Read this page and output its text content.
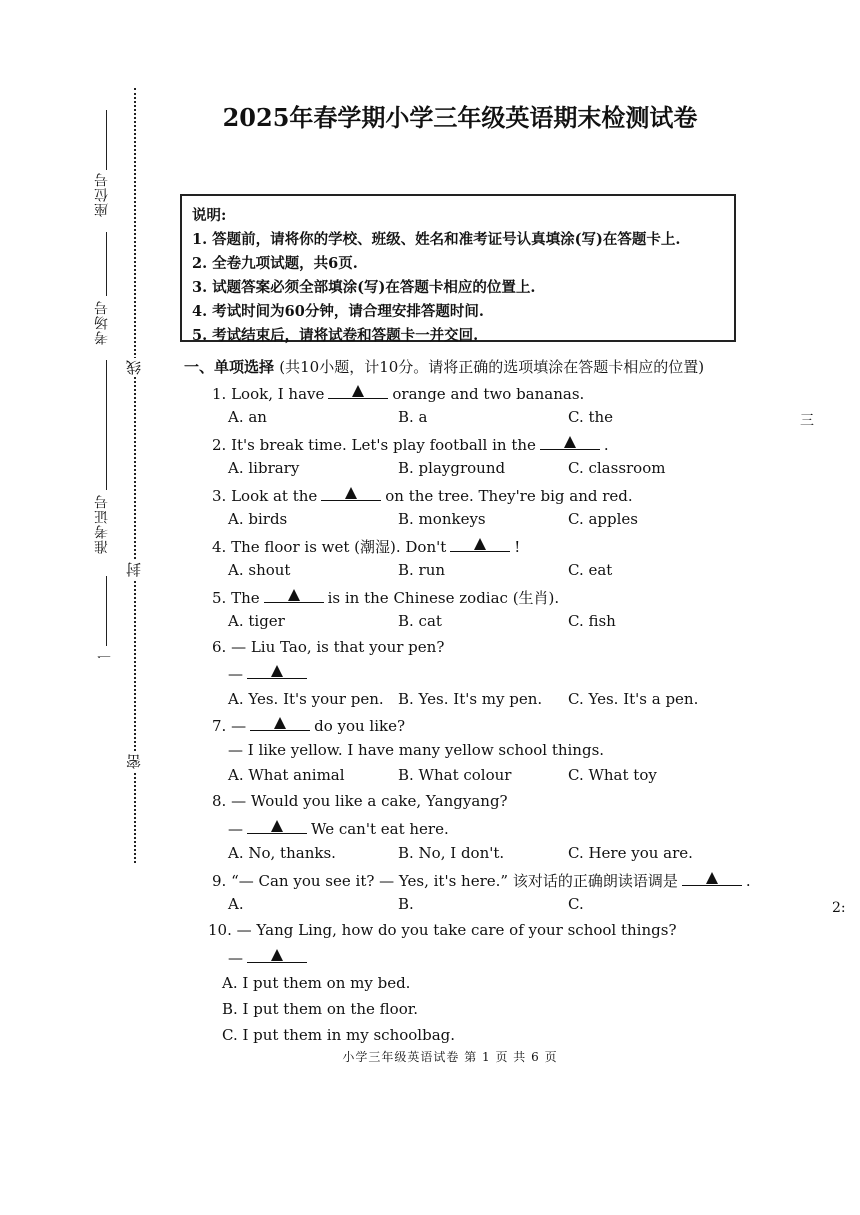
座位号
考场号
准考证号
一
线
封
密
2025年春学期小学三年级英语期末检测试卷
说明:
1. 答题前，请将你的学校、班级、姓名和准考证号认真填涂(写)在答题卡上.
2. 全卷九项试题，共6页.
3. 试题答案必须全部填涂(写)在答题卡相应的位置上.
4. 考试时间为60分钟，请合理安排答题时间.
5. 考试结束后，请将试卷和答题卡一并交回.
一、单项选择 (共10小题，计10分。请将正确的选项填涂在答题卡相应的位置)
1. Look, I have	orange and two bananas.
A. an	B. a	C. the
2. It's break time. Let's play football in the	.
A. library	B. playground	C. classroom
3. Look at the	on the tree. They're big and red.
A. birds	B. monkeys	C. apples
4. The floor is wet (潮湿). Don't	!
A. shout	B. run	C. eat
5. The	is in the Chinese zodiac (生肖).
A. tiger	B. cat	C. fish
6. — Liu Tao, is that your pen?
—
A. Yes. It's your pen. B. Yes. It's my pen. C. Yes. It's a pen.
7. —	do you like?
— I like yellow. I have many yellow school things.
A. What animal	B. What colour	C. What toy
8. — Would you like a cake, Yangyang?
—	We can't eat here.
A. No, thanks.	B. No, I don't.	C. Here you are.
9. “— Can you see it? — Yes, it's here.” 该对话的正确朗读语调是	.
A.	B.	C.
10. — Yang Ling, how do you take care of your school things?
—
A. I put them on my bed.
B. I put them on the floor.
C. I put them in my schoolbag.
小学三年级英语试卷 第 1 页 共 6 页
三
2:
